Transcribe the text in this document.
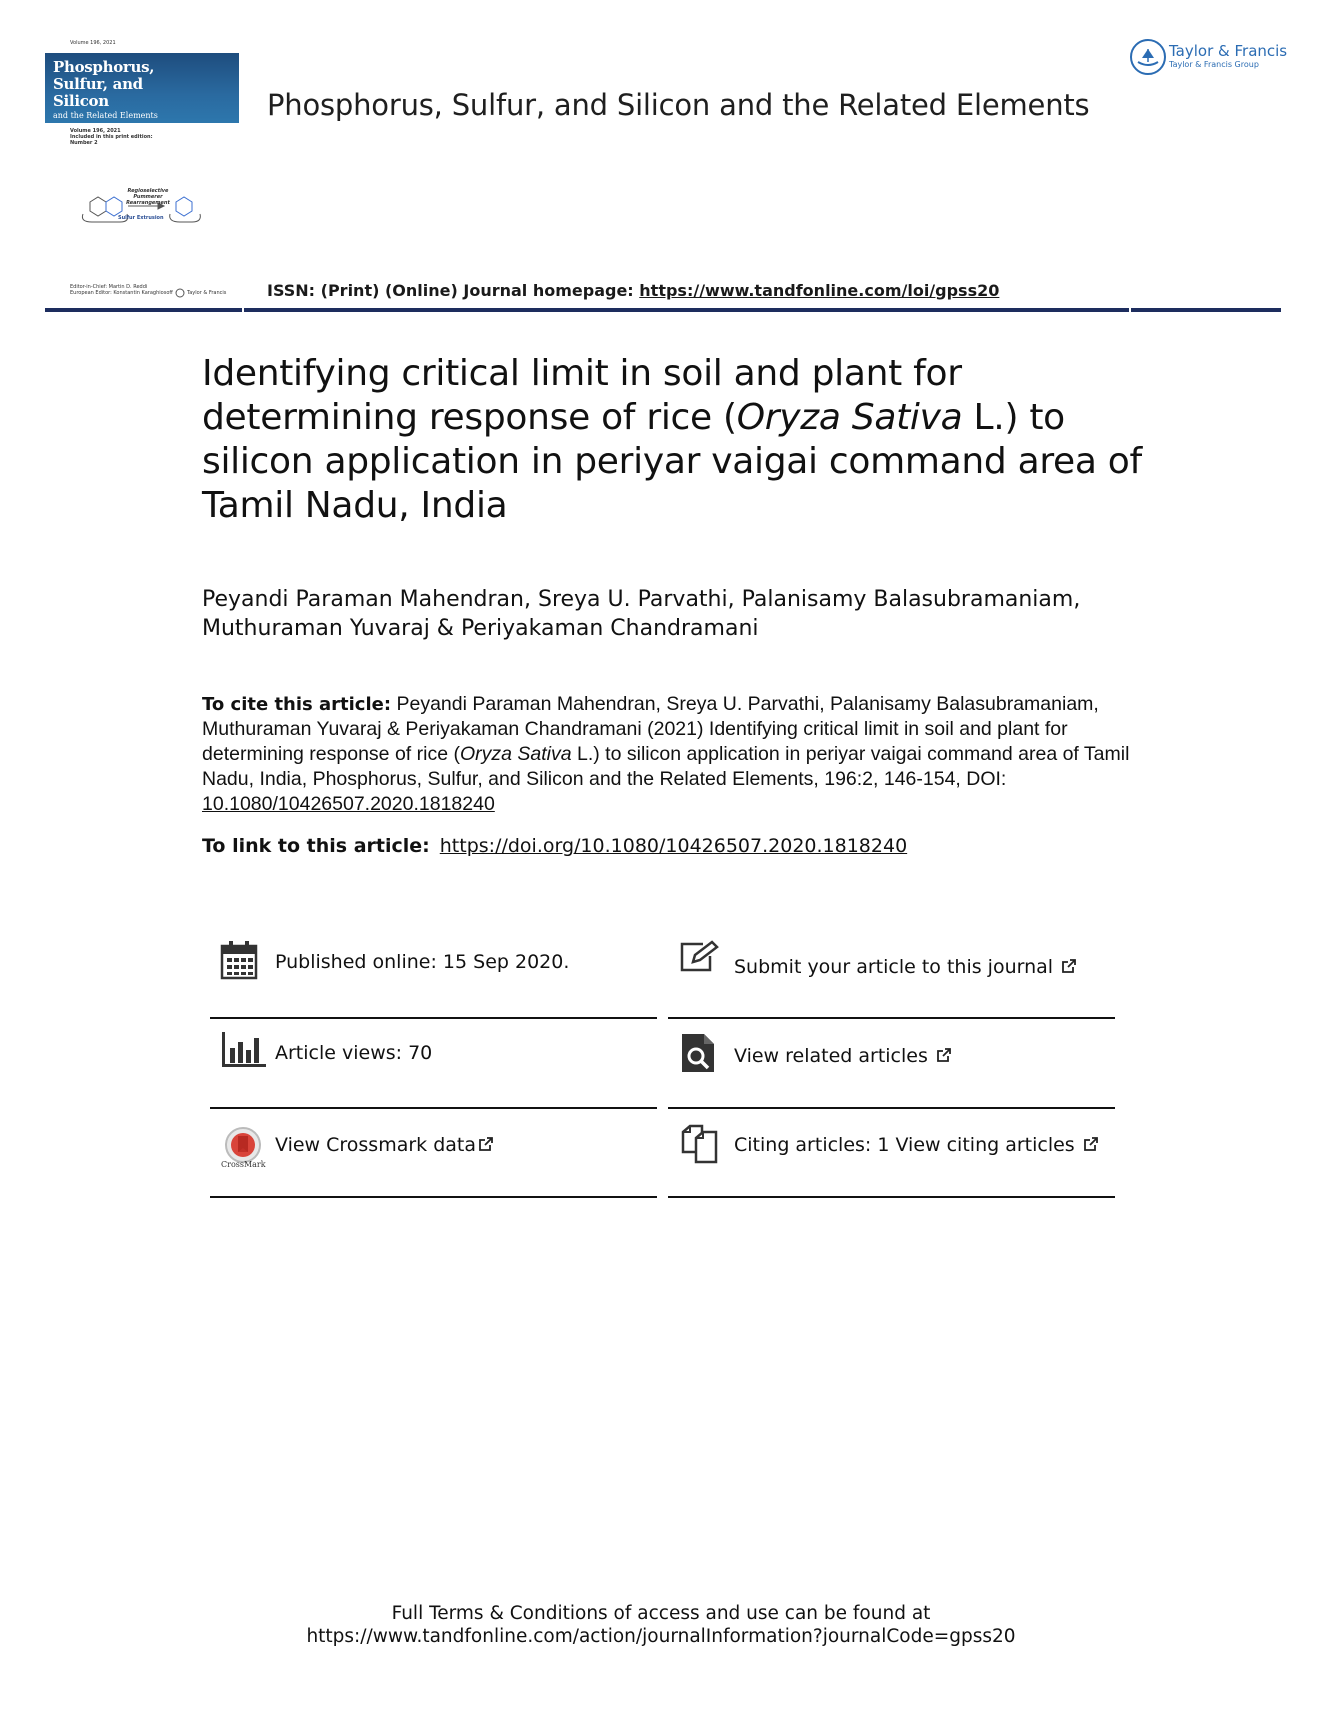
Volume 196, 2021
Phosphorus,
Sulfur, and
Silicon
and the Related Elements
Volume 196, 2021
Included in this print edition:
Number 2
Regioselective
Pummerer
Rearrangement
Sulfur Extrusion
Editor-in-Chief: Martin D. Reddi
European Editor: Konstantin Karaghiosoff	Taylor & Francis
Phosphorus, Sulfur, and Silicon and the Related Elements
Taylor & Francis
Taylor & Francis Group
ISSN: (Print) (Online) Journal homepage: https://www.tandfonline.com/loi/gpss20
Identifying critical limit in soil and plant for determining response of rice (Oryza Sativa L.) to silicon application in periyar vaigai command area of Tamil Nadu, India
Peyandi Paraman Mahendran, Sreya U. Parvathi, Palanisamy Balasubramaniam, Muthuraman Yuvaraj & Periyakaman Chandramani
To cite this article: Peyandi Paraman Mahendran, Sreya U. Parvathi, Palanisamy Balasubramaniam, Muthuraman Yuvaraj & Periyakaman Chandramani (2021) Identifying critical limit in soil and plant for determining response of rice (Oryza Sativa L.) to silicon application in periyar vaigai command area of Tamil Nadu, India, Phosphorus, Sulfur, and Silicon and the Related Elements, 196:2, 146-154, DOI: 10.1080/10426507.2020.1818240
To link to this article: https://doi.org/10.1080/10426507.2020.1818240
Published online: 15 Sep 2020.	Submit your article to this journal
Article views: 70	View related articles
CrossMark
View Crossmark data	Citing articles: 1 View citing articles
Full Terms & Conditions of access and use can be found at
https://www.tandfonline.com/action/journalInformation?journalCode=gpss20
